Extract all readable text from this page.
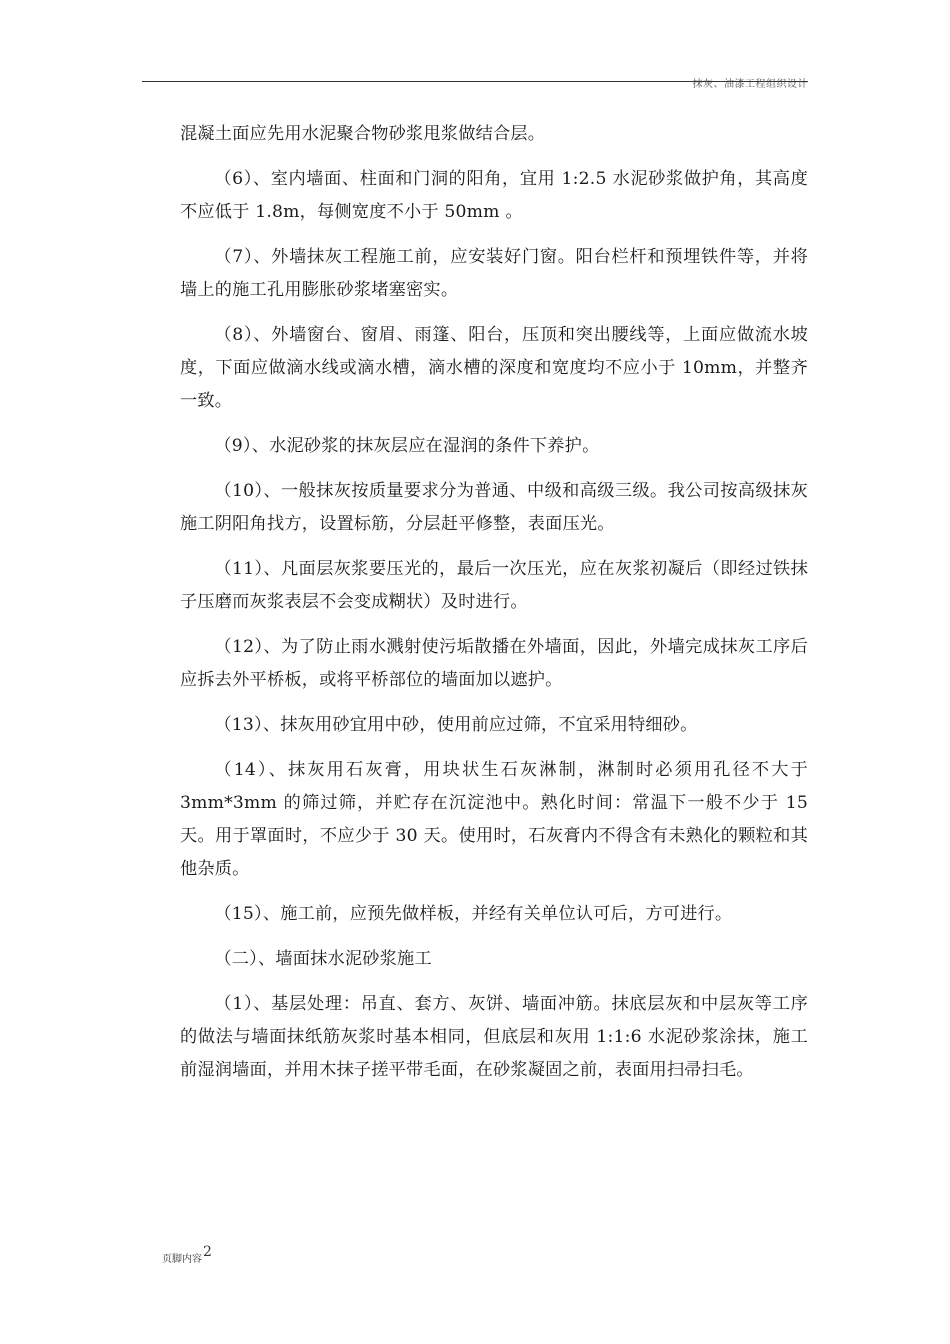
抹灰、油漆工程组织设计

混凝土面应先用水泥聚合物砂浆甩浆做结合层。

（6）、室内墙面、柱面和门洞的阳角，宜用 1:2.5 水泥砂浆做护角，其高度不应低于 1.8m，每侧宽度不小于 50mm 。

（7）、外墙抹灰工程施工前，应安装好门窗。阳台栏杆和预埋铁件等，并将墙上的施工孔用膨胀砂浆堵塞密实。

（8）、外墙窗台、窗眉、雨篷、阳台，压顶和突出腰线等，上面应做流水坡度，下面应做滴水线或滴水槽，滴水槽的深度和宽度均不应小于 10mm，并整齐一致。

（9）、水泥砂浆的抹灰层应在湿润的条件下养护。

（10）、一般抹灰按质量要求分为普通、中级和高级三级。我公司按高级抹灰施工阴阳角找方，设置标筋，分层赶平修整，表面压光。

（11）、凡面层灰浆要压光的，最后一次压光，应在灰浆初凝后（即经过铁抹子压磨而灰浆表层不会变成糊状）及时进行。

（12）、为了防止雨水溅射使污垢散播在外墙面，因此，外墙完成抹灰工序后应拆去外平桥板，或将平桥部位的墙面加以遮护。

（13）、抹灰用砂宜用中砂，使用前应过筛，不宜采用特细砂。

（14）、抹灰用石灰膏，用块状生石灰淋制，淋制时必须用孔径不大于 3mm*3mm 的筛过筛，并贮存在沉淀池中。熟化时间：常温下一般不少于 15 天。用于罩面时，不应少于 30 天。使用时，石灰膏内不得含有未熟化的颗粒和其他杂质。

（15）、施工前，应预先做样板，并经有关单位认可后，方可进行。

（二）、墙面抹水泥砂浆施工

（1）、基层处理：吊直、套方、灰饼、墙面冲筋。抹底层灰和中层灰等工序的做法与墙面抹纸筋灰浆时基本相同，但底层和灰用 1:1:6 水泥砂浆涂抹，施工前湿润墙面，并用木抹子搓平带毛面，在砂浆凝固之前，表面用扫帚扫毛。

页脚内容2
